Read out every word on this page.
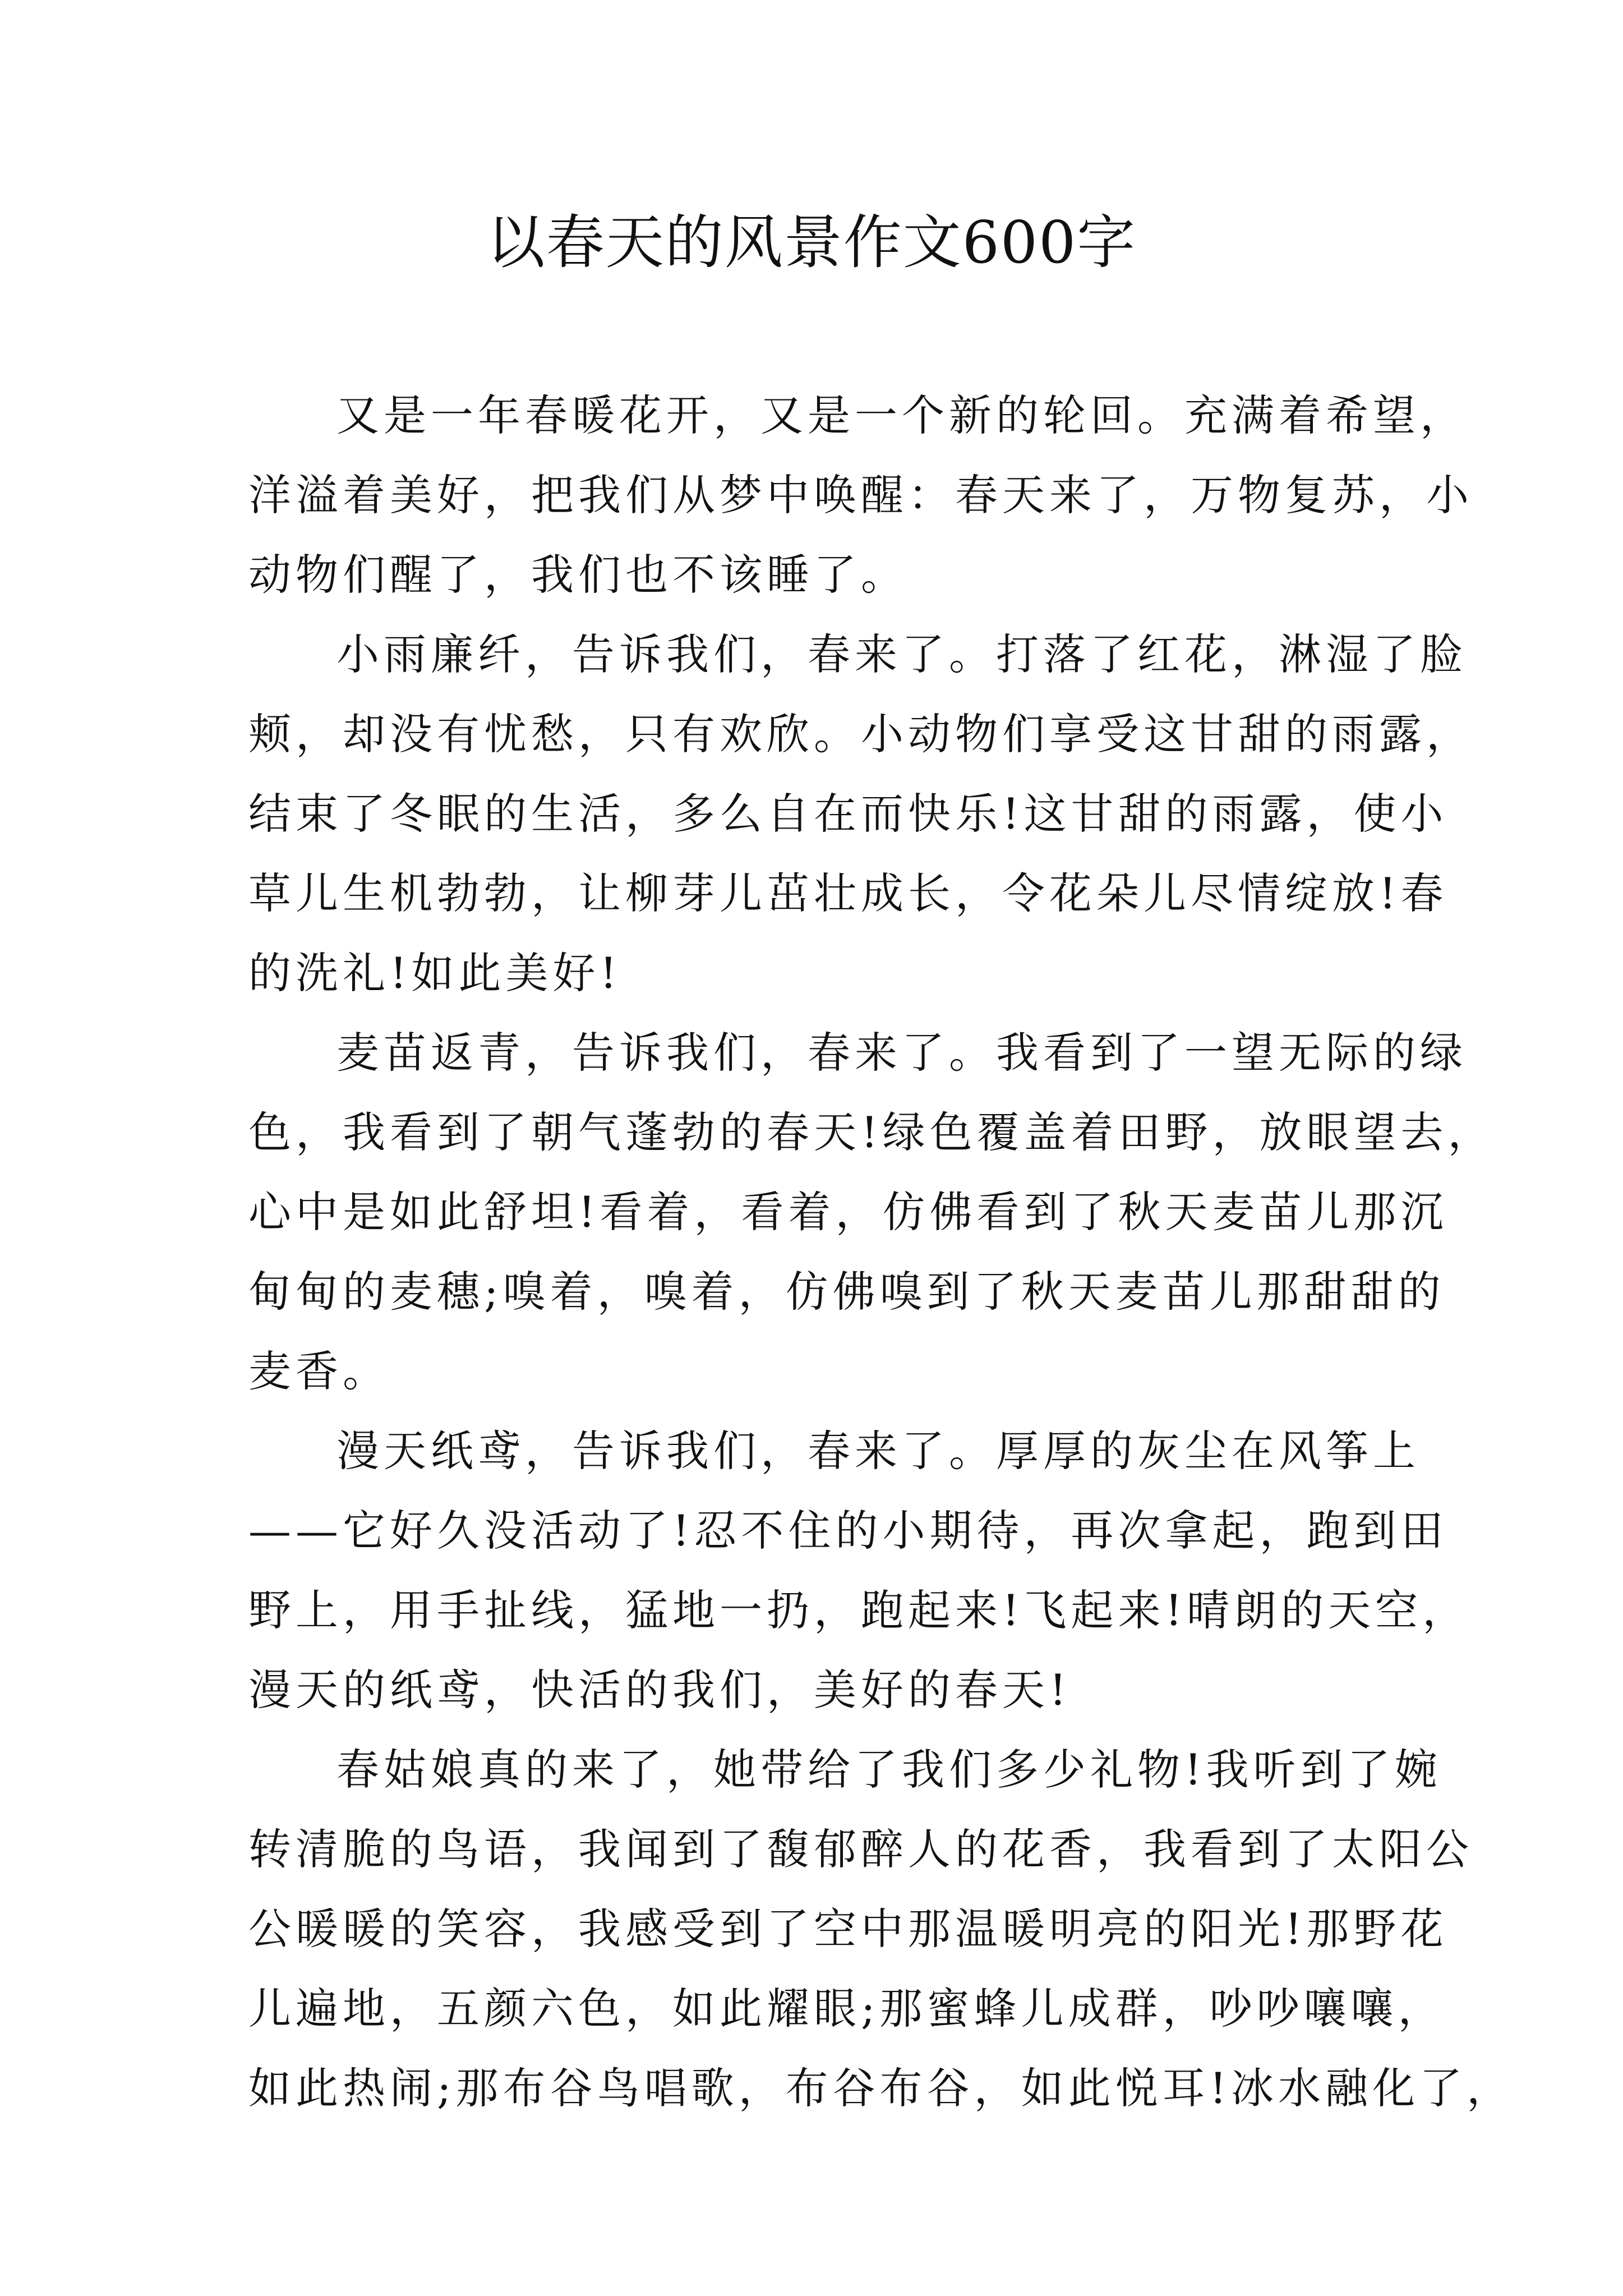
以春天的风景作文600字
又是一年春暖花开，又是一个新的轮回。充满着希望，
洋溢着美好，把我们从梦中唤醒：春天来了，万物复苏，小
动物们醒了，我们也不该睡了。
小雨廉纤，告诉我们，春来了。打落了红花，淋湿了脸
颊，却没有忧愁，只有欢欣。小动物们享受这甘甜的雨露，
结束了冬眠的生活，多么自在而快乐!这甘甜的雨露，使小
草儿生机勃勃，让柳芽儿茁壮成长，令花朵儿尽情绽放!春
的洗礼!如此美好!
麦苗返青，告诉我们，春来了。我看到了一望无际的绿
色，我看到了朝气蓬勃的春天!绿色覆盖着田野，放眼望去，
心中是如此舒坦!看着，看着，仿佛看到了秋天麦苗儿那沉
甸甸的麦穗;嗅着，嗅着，仿佛嗅到了秋天麦苗儿那甜甜的
麦香。
漫天纸鸢，告诉我们，春来了。厚厚的灰尘在风筝上
——它好久没活动了!忍不住的小期待，再次拿起，跑到田
野上，用手扯线，猛地一扔，跑起来!飞起来!晴朗的天空，
漫天的纸鸢，快活的我们，美好的春天!
春姑娘真的来了，她带给了我们多少礼物!我听到了婉
转清脆的鸟语，我闻到了馥郁醉人的花香，我看到了太阳公
公暖暖的笑容，我感受到了空中那温暖明亮的阳光!那野花
儿遍地，五颜六色，如此耀眼;那蜜蜂儿成群，吵吵嚷嚷，
如此热闹;那布谷鸟唱歌，布谷布谷，如此悦耳!冰水融化了，
